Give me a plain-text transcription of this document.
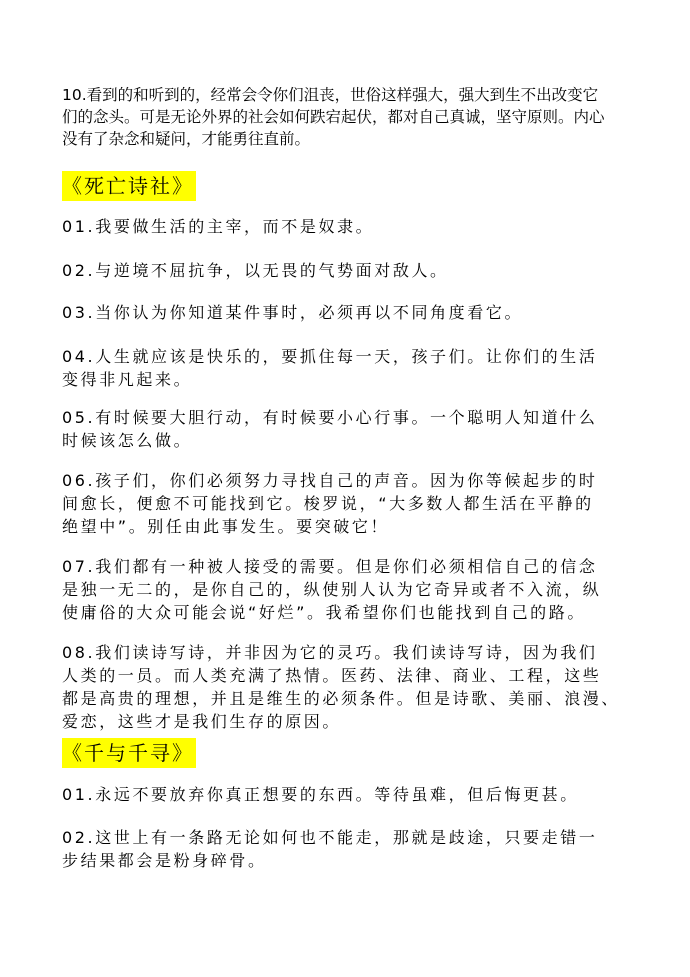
10.看到的和听到的，经常会令你们沮丧，世俗这样强大，强大到生不出改变它
们的念头。可是无论外界的社会如何跌宕起伏，都对自己真诚，坚守原则。内心
没有了杂念和疑问，才能勇往直前。

《死亡诗社》

01.我要做生活的主宰，而不是奴隶。

02.与逆境不屈抗争，以无畏的气势面对敌人。

03.当你认为你知道某件事时，必须再以不同角度看它。

04.人生就应该是快乐的，要抓住每一天，孩子们。让你们的生活
变得非凡起来。

05.有时候要大胆行动，有时候要小心行事。一个聪明人知道什么
时候该怎么做。

06.孩子们，你们必须努力寻找自己的声音。因为你等候起步的时
间愈长，便愈不可能找到它。梭罗说，“大多数人都生活在平静的
绝望中”。别任由此事发生。要突破它！

07.我们都有一种被人接受的需要。但是你们必须相信自己的信念
是独一无二的，是你自己的，纵使别人认为它奇异或者不入流，纵
使庸俗的大众可能会说“好烂”。我希望你们也能找到自己的路。

08.我们读诗写诗，并非因为它的灵巧。我们读诗写诗，因为我们
人类的一员。而人类充满了热情。医药、法律、商业、工程，这些
都是高贵的理想，并且是维生的必须条件。但是诗歌、美丽、浪漫、
爱恋，这些才是我们生存的原因。

《千与千寻》

01.永远不要放弃你真正想要的东西。等待虽难，但后悔更甚。

02.这世上有一条路无论如何也不能走，那就是歧途，只要走错一
步结果都会是粉身碎骨。
